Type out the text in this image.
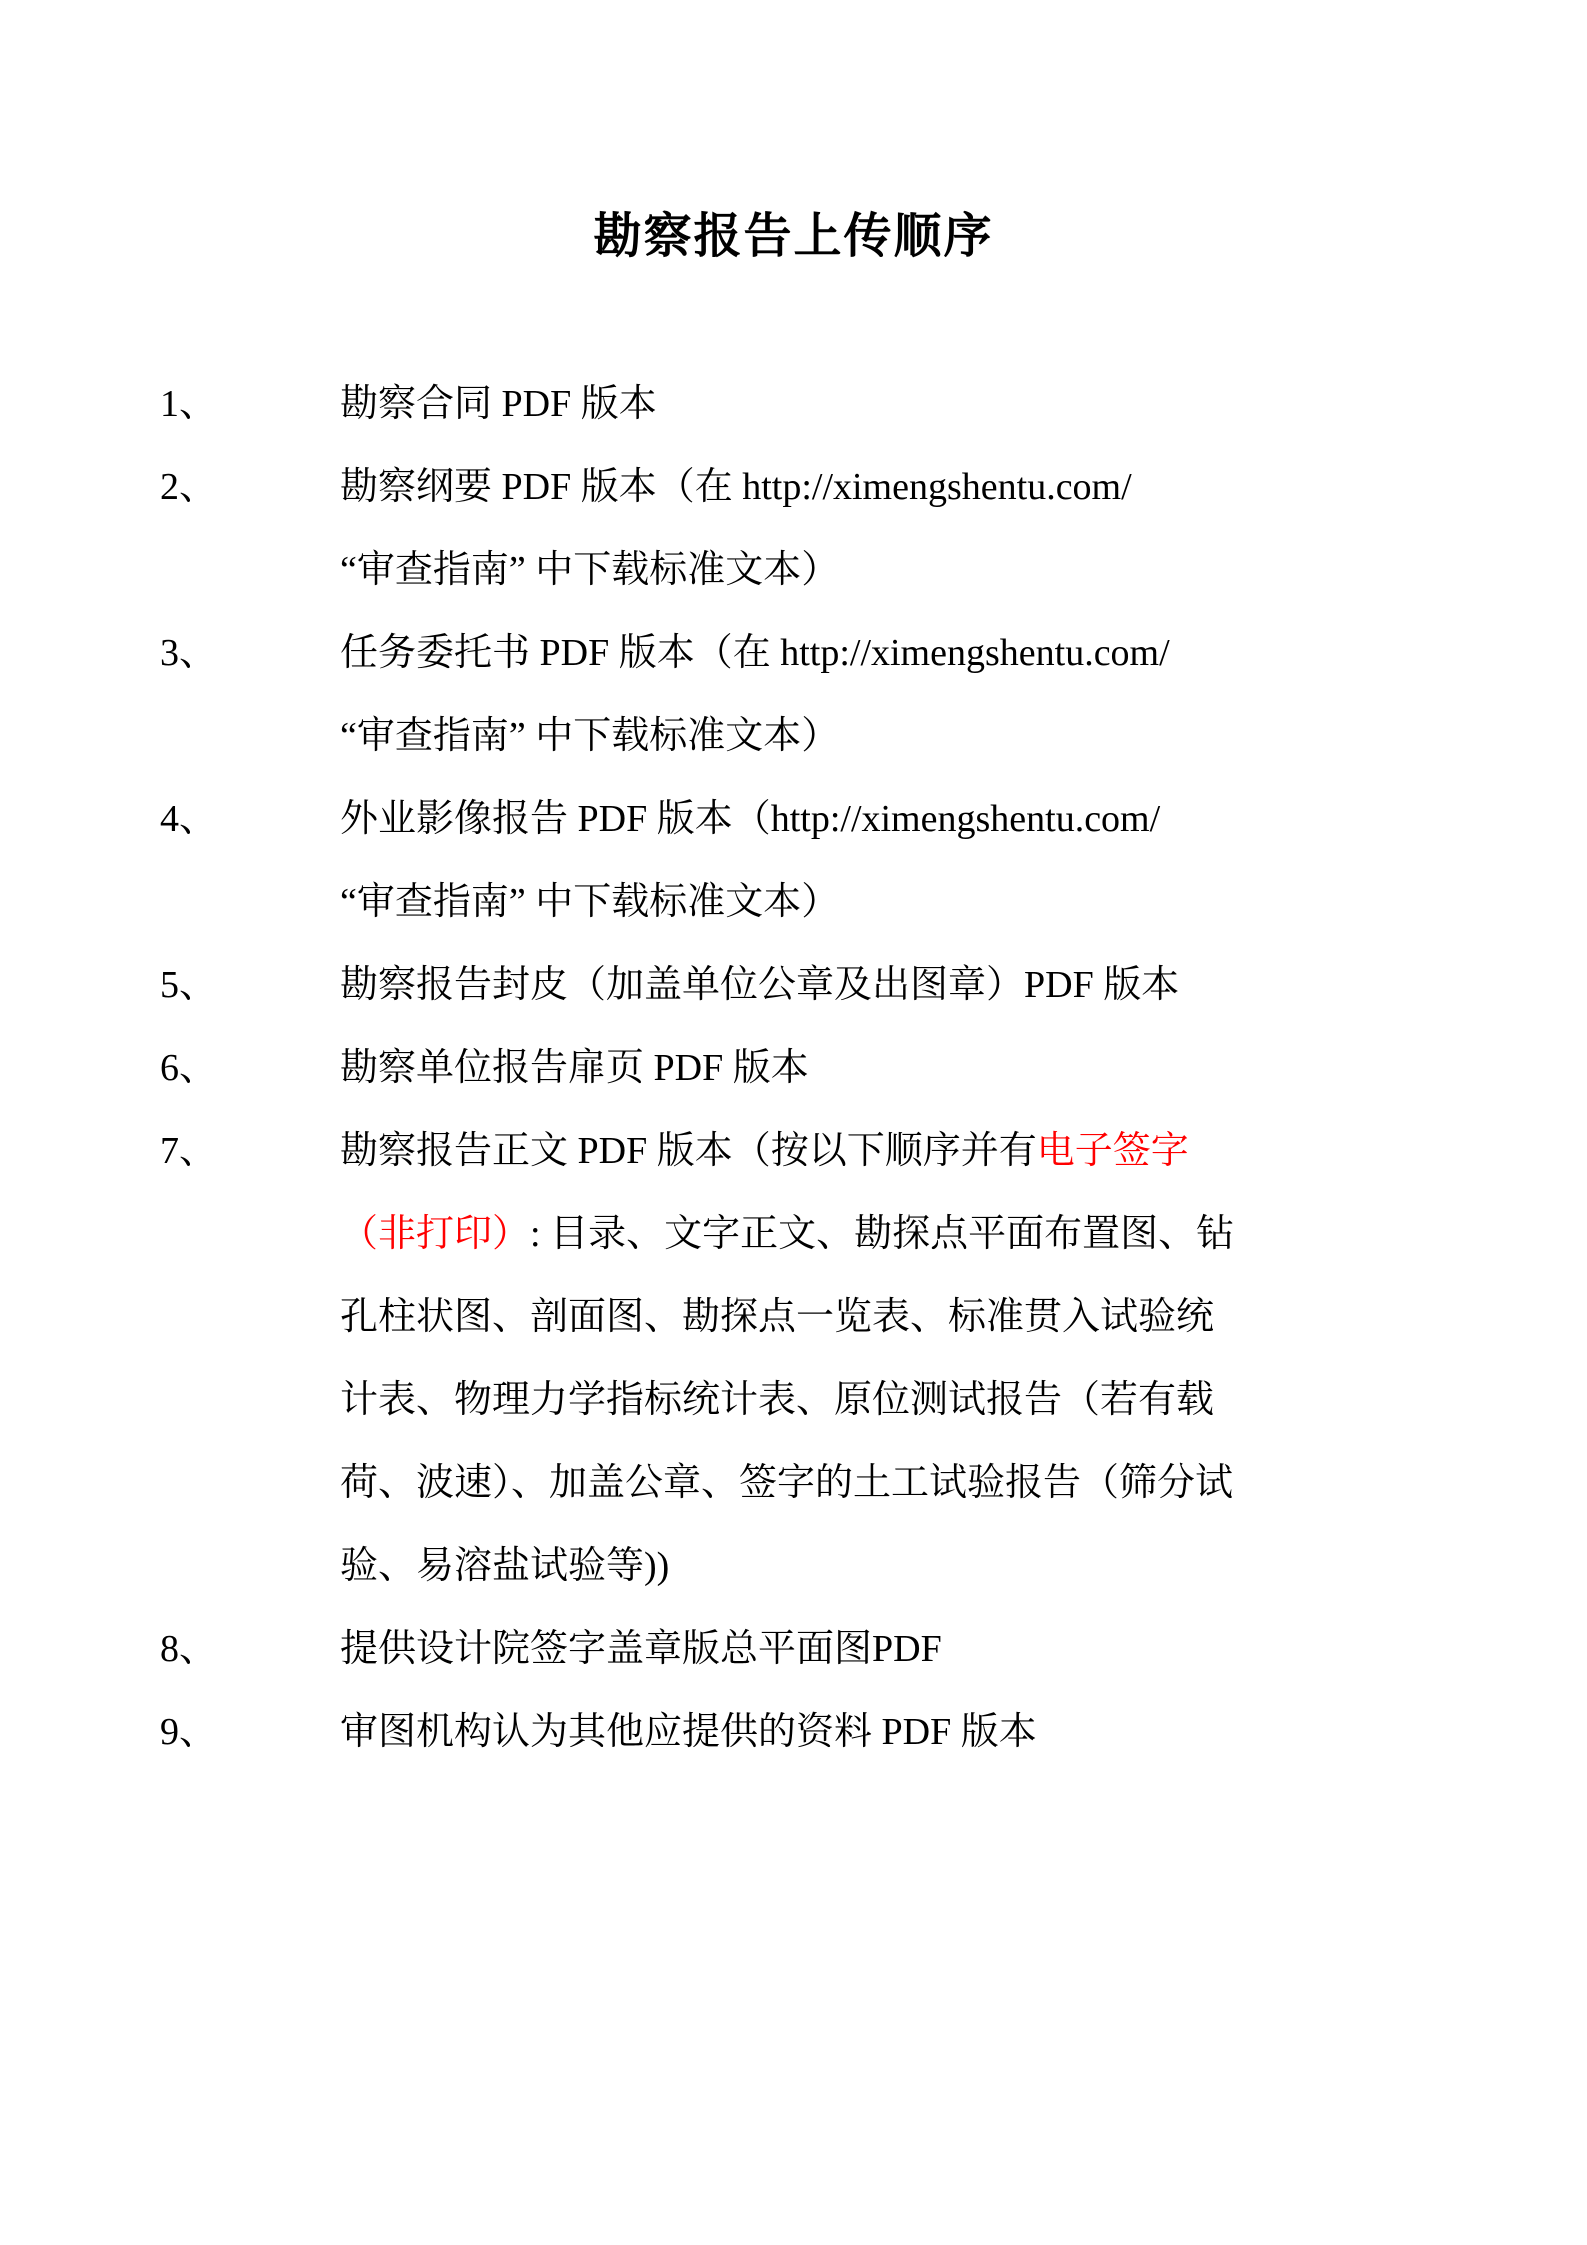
勘察报告上传顺序
1、	勘察合同 PDF 版本
2、	勘察纲要 PDF 版本（在 http://ximengshentu.com/
“审查指南” 中下载标准文本）
3、	任务委托书 PDF 版本（在 http://ximengshentu.com/
“审查指南” 中下载标准文本）
4、	外业影像报告 PDF 版本（http://ximengshentu.com/
“审查指南” 中下载标准文本）
5、	勘察报告封皮（加盖单位公章及出图章）PDF 版本
6、	勘察单位报告扉页 PDF 版本
7、	勘察报告正文 PDF 版本（按以下顺序并有电子签字
（非打印）: 目录、文字正文、勘探点平面布置图、钻
孔柱状图、剖面图、勘探点一览表、标准贯入试验统
计表、物理力学指标统计表、原位测试报告（若有载
荷、波速）、加盖公章、签字的土工试验报告（筛分试
验、易溶盐试验等))
8、	提供设计院签字盖章版总平面图PDF
9、	审图机构认为其他应提供的资料 PDF 版本
